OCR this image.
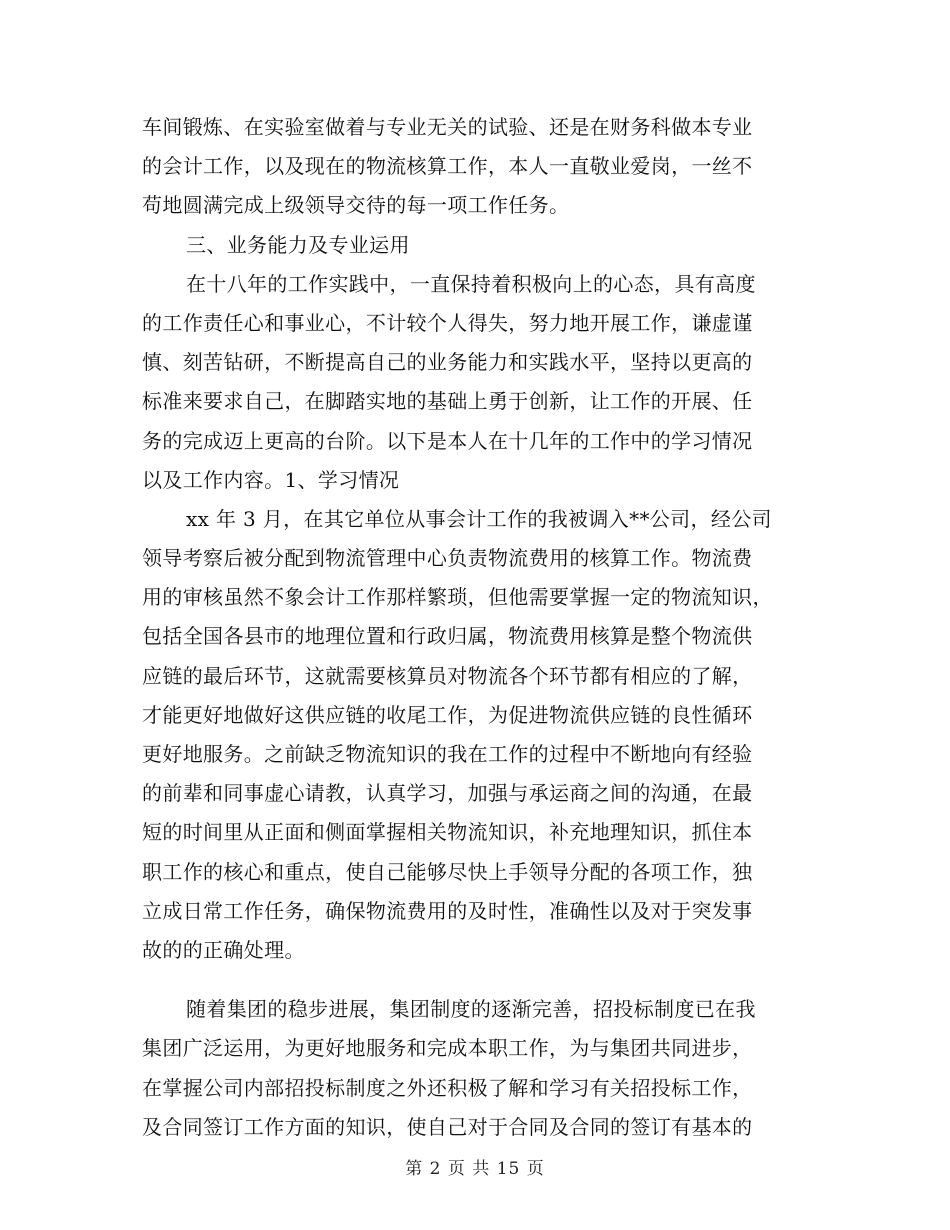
车间锻炼、在实验室做着与专业无关的试验、还是在财务科做本专业
的会计工作，以及现在的物流核算工作，本人一直敬业爱岗，一丝不
苟地圆满完成上级领导交待的每一项工作任务。
三、业务能力及专业运用
在十八年的工作实践中，一直保持着积极向上的心态，具有高度
的工作责任心和事业心，不计较个人得失，努力地开展工作，谦虚谨
慎、刻苦钻研，不断提高自己的业务能力和实践水平，坚持以更高的
标准来要求自己，在脚踏实地的基础上勇于创新，让工作的开展、任
务的完成迈上更高的台阶。以下是本人在十几年的工作中的学习情况
以及工作内容。1、学习情况
xx 年 3 月，在其它单位从事会计工作的我被调入**公司，经公司
领导考察后被分配到物流管理中心负责物流费用的核算工作。物流费
用的审核虽然不象会计工作那样繁琐，但他需要掌握一定的物流知识，
包括全国各县市的地理位置和行政归属，物流费用核算是整个物流供
应链的最后环节，这就需要核算员对物流各个环节都有相应的了解，
才能更好地做好这供应链的收尾工作，为促进物流供应链的良性循环
更好地服务。之前缺乏物流知识的我在工作的过程中不断地向有经验
的前辈和同事虚心请教，认真学习，加强与承运商之间的沟通，在最
短的时间里从正面和侧面掌握相关物流知识，补充地理知识，抓住本
职工作的核心和重点，使自己能够尽快上手领导分配的各项工作，独
立成日常工作任务，确保物流费用的及时性，准确性以及对于突发事
故的的正确处理。
随着集团的稳步进展，集团制度的逐渐完善，招投标制度已在我
集团广泛运用，为更好地服务和完成本职工作，为与集团共同进步，
在掌握公司内部招投标制度之外还积极了解和学习有关招投标工作，
及合同签订工作方面的知识，使自己对于合同及合同的签订有基本的
第 2 页 共 15 页
